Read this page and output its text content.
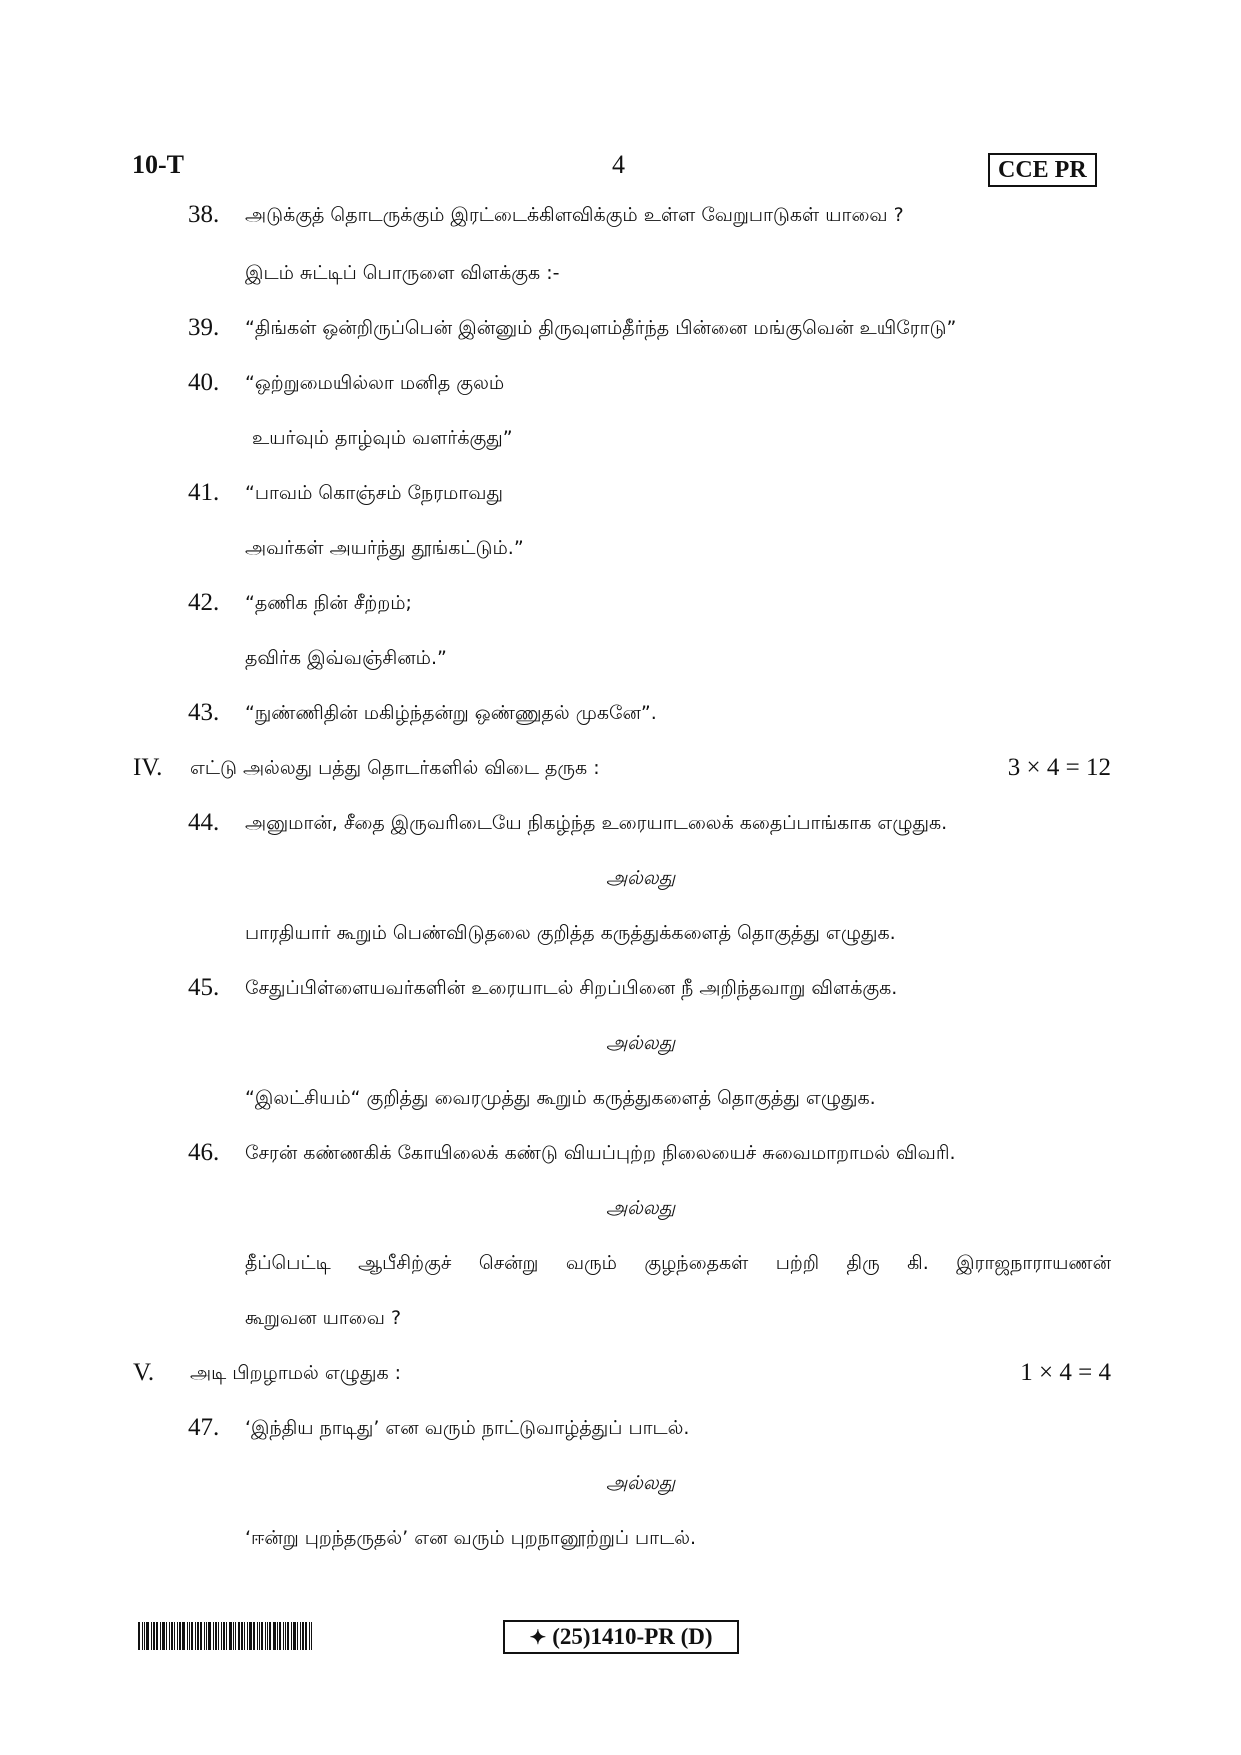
10-T	4	CCE PR
38. அடுக்குத் தொடருக்கும் இரட்டைக்கிளவிக்கும் உள்ள வேறுபாடுகள் யாவை ?
இடம் சுட்டிப் பொருளை விளக்குக :-
39. “திங்கள் ஒன்றிருப்பென் இன்னும் திருவுளம்தீர்ந்த பின்னை மங்குவென் உயிரோடு”
40. “ஒற்றுமையில்லா மனித குலம்
உயர்வும் தாழ்வும் வளர்க்குது”
41. “பாவம் கொஞ்சம் நேரமாவது
அவர்கள் அயர்ந்து தூங்கட்டும்.”
42. “தணிக நின் சீற்றம்;
தவிர்க இவ்வஞ்சினம்.”
43. “நுண்ணிதின் மகிழ்ந்தன்று ஒண்ணுதல் முகனே”.
IV. எட்டு அல்லது பத்து தொடர்களில் விடை தருக :	3 × 4 = 12
44. அனுமான், சீதை இருவரிடையே நிகழ்ந்த உரையாடலைக் கதைப்பாங்காக எழுதுக.
அல்லது
பாரதியார் கூறும் பெண்விடுதலை குறித்த கருத்துக்களைத் தொகுத்து எழுதுக.
45. சேதுப்பிள்ளையவர்களின் உரையாடல் சிறப்பினை நீ அறிந்தவாறு விளக்குக.
அல்லது
“இலட்சியம்“ குறித்து வைரமுத்து கூறும் கருத்துகளைத் தொகுத்து எழுதுக.
46. சேரன் கண்ணகிக் கோயிலைக் கண்டு வியப்புற்ற நிலையைச் சுவைமாறாமல் விவரி.
அல்லது
தீப்பெட்டி ஆபீசிற்குச் சென்று வரும் குழந்தைகள் பற்றி திரு கி. இராஜநாராயணன்
கூறுவன யாவை ?
V. அடி பிறழாமல் எழுதுக :	1 × 4 = 4
47. ‘இந்திய நாடிது’ என வரும் நாட்டுவாழ்த்துப் பாடல்.
அல்லது
‘ஈன்று புறந்தருதல்’ என வரும் புறநானூற்றுப் பாடல்.
✦ (25)1410-PR (D)
